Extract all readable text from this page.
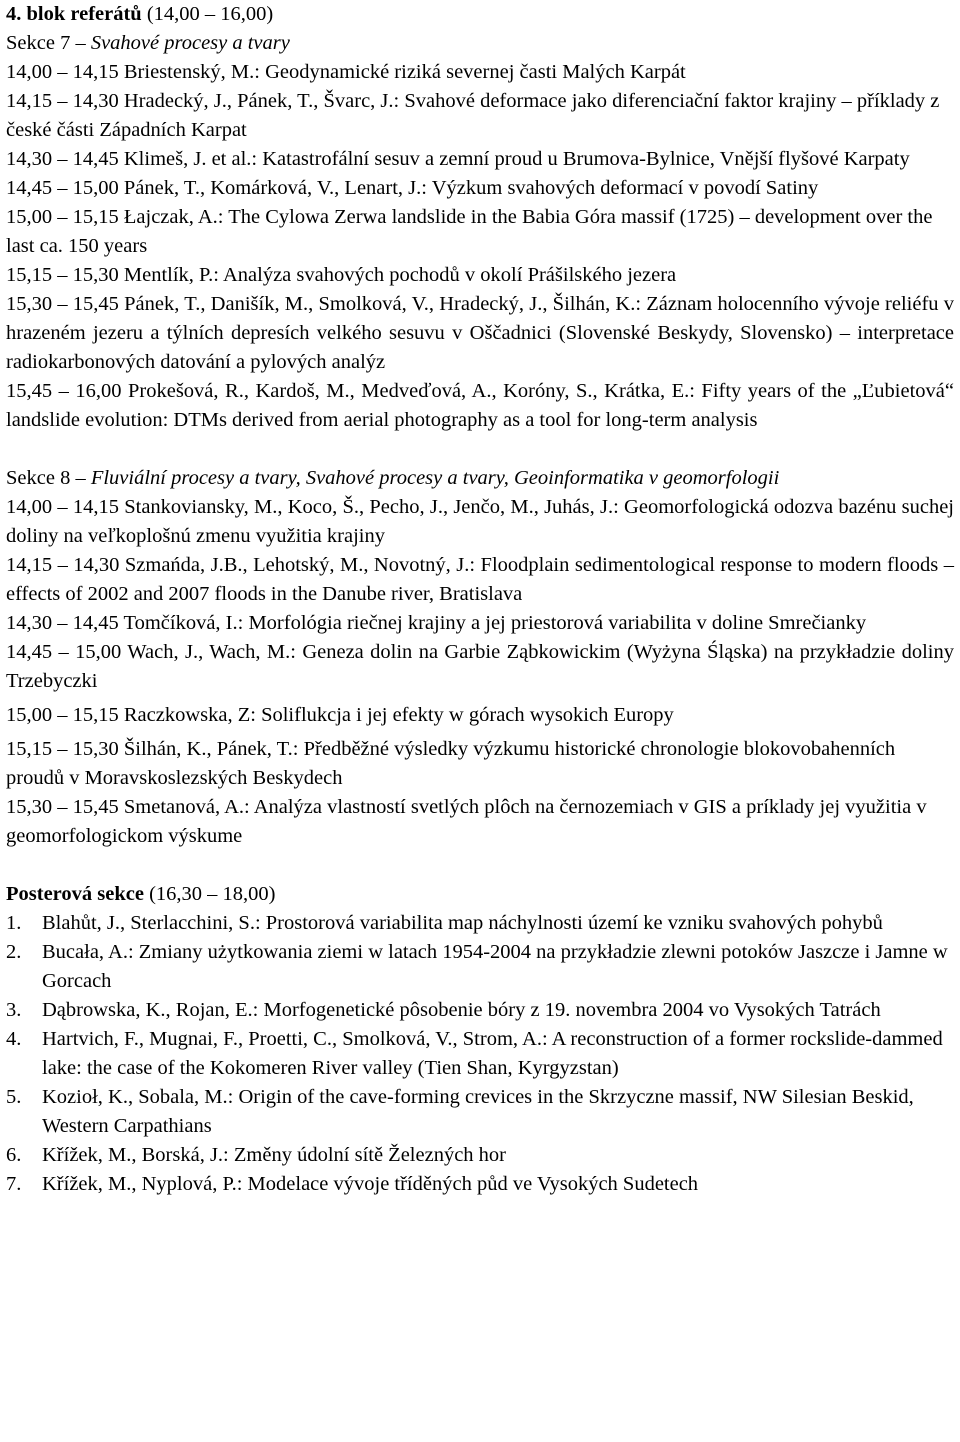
4. blok referátů (14,00 – 16,00)
Sekce 7 – Svahové procesy a tvary
14,00 – 14,15 Briestenský, M.: Geodynamické riziká severnej časti Malých Karpát
14,15 – 14,30 Hradecký, J., Pánek, T., Švarc, J.: Svahové deformace jako diferenciační faktor krajiny – příklady z české části Západních Karpat
14,30 – 14,45 Klimeš, J. et al.: Katastrofální sesuv a zemní proud u Brumova-Bylnice, Vnější flyšové Karpaty
14,45 – 15,00 Pánek, T., Komárková, V., Lenart, J.: Výzkum svahových deformací v povodí Satiny
15,00 – 15,15 Łajczak, A.: The Cylowa Zerwa landslide in the Babia Góra massif (1725) – development over the last ca. 150 years
15,15 – 15,30 Mentlík, P.: Analýza svahových pochodů v okolí Prášilského jezera
15,30 – 15,45 Pánek, T., Danišík, M., Smolková, V., Hradecký, J., Šilhán, K.: Záznam holocenního vývoje reliéfu v hrazeném jezeru a týlních depresích velkého sesuvu v Oščadnici (Slovenské Beskydy, Slovensko) – interpretace radiokarbonových datování a pylových analýz
15,45 – 16,00 Prokešová, R., Kardoš, M., Medveďová, A., Koróny, S., Krátka, E.: Fifty years of the „Ľubietová“ landslide evolution: DTMs derived from aerial photography as a tool for long-term analysis
Sekce 8 – Fluviální procesy a tvary, Svahové procesy a tvary, Geoinformatika v geomorfologii
14,00 – 14,15 Stankoviansky, M., Koco, Š., Pecho, J., Jenčo, M., Juhás, J.: Geomorfologická odozva bazénu suchej doliny na veľkoplošnú zmenu využitia krajiny
14,15 – 14,30 Szmańda, J.B., Lehotský, M., Novotný, J.: Floodplain sedimentological response to modern floods – effects of 2002 and 2007 floods in the Danube river, Bratislava
14,30 – 14,45 Tomčíková, I.: Morfológia riečnej krajiny a jej priestorová variabilita v doline Smrečianky
14,45 – 15,00 Wach, J., Wach, M.: Geneza dolin na Garbie Ząbkowickim (Wyżyna Śląska) na przykładzie doliny Trzebyczki
15,00 – 15,15 Raczkowska, Z: Soliflukcja i jej efekty w górach wysokich Europy
15,15 – 15,30 Šilhán, K., Pánek, T.: Předběžné výsledky výzkumu historické chronologie blokovobahenních proudů v Moravskoslezských Beskydech
15,30 – 15,45 Smetanová, A.: Analýza vlastností svetlých plôch na černozemiach v GIS a príklady jej využitia v geomorfologickom výskume
Posterová sekce (16,30 – 18,00)
1.	Blahůt, J., Sterlacchini, S.: Prostorová variabilita map náchylnosti území ke vzniku svahových pohybů
2.	Bucała, A.: Zmiany użytkowania ziemi w latach 1954-2004 na przykładzie zlewni potoków Jaszcze i Jamne w Gorcach
3.	Dąbrowska, K., Rojan, E.: Morfogenetické pôsobenie bóry z 19. novembra 2004 vo Vysokých Tatrách
4.	Hartvich, F., Mugnai, F., Proetti, C., Smolková, V., Strom, A.: A reconstruction of a former rockslide-dammed lake: the case of the Kokomeren River valley (Tien Shan, Kyrgyzstan)
5.	Kozioł, K., Sobala, M.: Origin of the cave-forming crevices in the Skrzyczne massif, NW Silesian Beskid, Western Carpathians
6.	Křížek, M., Borská, J.: Změny údolní sítě Železných hor
7.	Křížek, M., Nyplová, P.: Modelace vývoje tříděných půd ve Vysokých Sudetech
